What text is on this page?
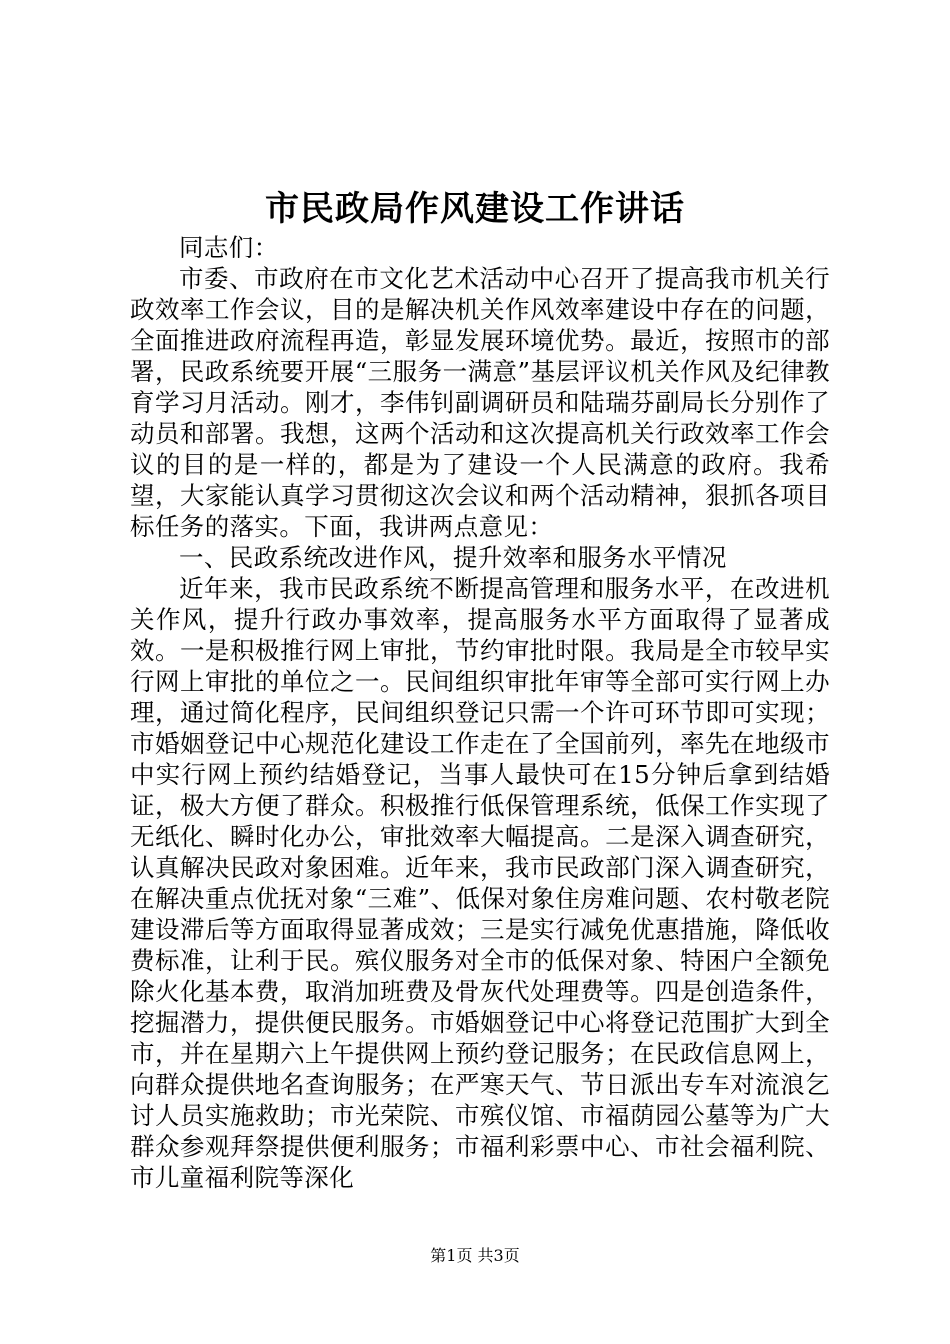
市民政局作风建设工作讲话

同志们：

市委、市政府在市文化艺术活动中心召开了提高我市机关行政效率工作会议，目的是解决机关作风效率建设中存在的问题，全面推进政府流程再造，彰显发展环境优势。最近，按照市的部署，民政系统要开展“三服务一满意”基层评议机关作风及纪律教育学习月活动。刚才，李伟钊副调研员和陆瑞芬副局长分别作了动员和部署。我想，这两个活动和这次提高机关行政效率工作会议的目的是一样的，都是为了建设一个人民满意的政府。我希望，大家能认真学习贯彻这次会议和两个活动精神，狠抓各项目标任务的落实。下面，我讲两点意见：

一、民政系统改进作风，提升效率和服务水平情况

近年来，我市民政系统不断提高管理和服务水平，在改进机关作风，提升行政办事效率，提高服务水平方面取得了显著成效。一是积极推行网上审批，节约审批时限。我局是全市较早实行网上审批的单位之一。民间组织审批年审等全部可实行网上办理，通过简化程序，民间组织登记只需一个许可环节即可实现；市婚姻登记中心规范化建设工作走在了全国前列，率先在地级市中实行网上预约结婚登记，当事人最快可在15分钟后拿到结婚证，极大方便了群众。积极推行低保管理系统，低保工作实现了无纸化、瞬时化办公，审批效率大幅提高。二是深入调查研究，认真解决民政对象困难。近年来，我市民政部门深入调查研究，在解决重点优抚对象“三难”、低保对象住房难问题、农村敬老院建设滞后等方面取得显著成效；三是实行减免优惠措施，降低收费标准，让利于民。殡仪服务对全市的低保对象、特困户全额免除火化基本费，取消加班费及骨灰代处理费等。四是创造条件，挖掘潜力，提供便民服务。市婚姻登记中心将登记范围扩大到全市，并在星期六上午提供网上预约登记服务；在民政信息网上，向群众提供地名查询服务；在严寒天气、节日派出专车对流浪乞讨人员实施救助；市光荣院、市殡仪馆、市福荫园公墓等为广大群众参观拜祭提供便利服务；市福利彩票中心、市社会福利院、市儿童福利院等深化

第1页 共3页
